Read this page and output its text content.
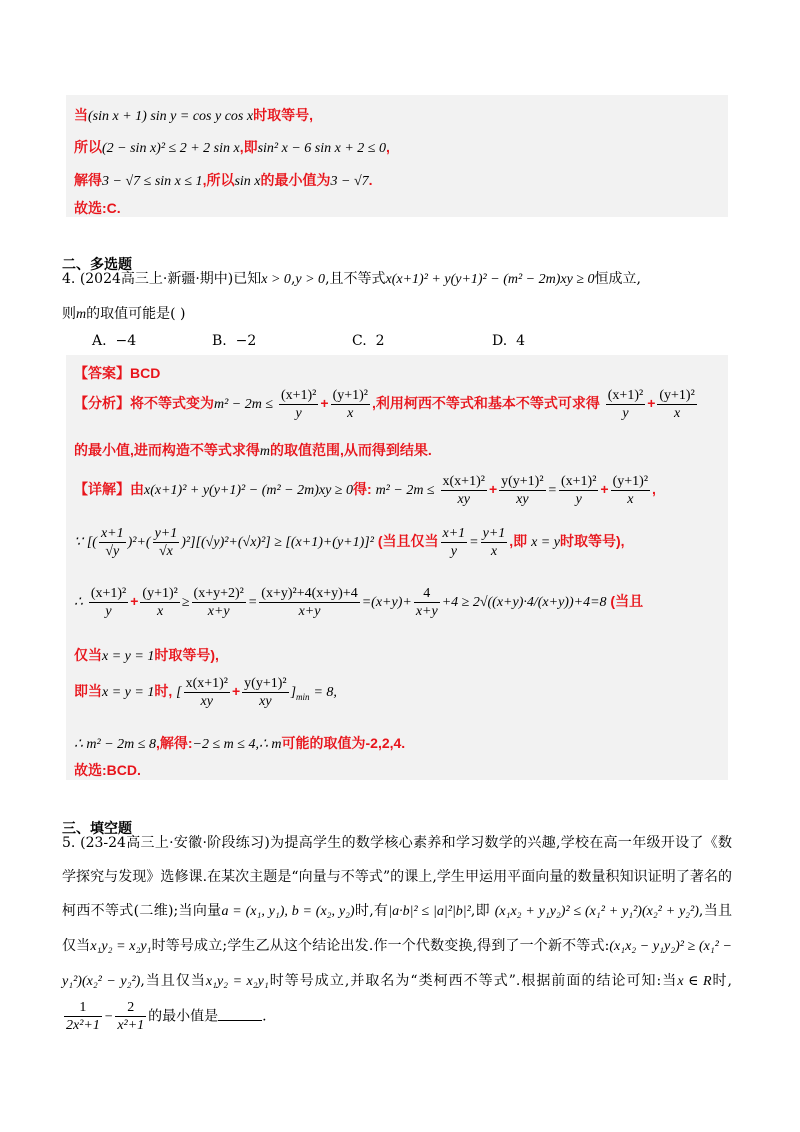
当(sin x + 1) sin y = cos y cos x时取等号,
所以(2 − sin x)² ≤ 2 + 2 sin x,即sin² x − 6 sin x + 2 ≤ 0,
解得3 − √7 ≤ sin x ≤ 1,所以sin x的最小值为3 − √7.
故选:C.
二、多选题
4. (2024高三上·新疆·期中)已知x > 0,y > 0,且不等式x(x+1)² + y(y+1)² − (m² − 2m)xy ≥ 0恒成立,
则m的取值可能是( )
A. −4	B. −2	C. 2	D. 4
【答案】BCD
【分析】将不等式变为$m^2 - 2m \le \frac{\text{(x+1)²}}{y} + \frac{\text{(y+1)²}}{x}$ ,利用柯西不等式和基本不等式可求得 $\frac{\text{(x+1)²}}{y} + \frac{\text{(y+1)²}}{x}$
的最小值,进而构造不等式求得m的取值范围,从而得到结果.
【详解】由x(x+1)² + y(y+1)² − (m² − 2m)xy ≥ 0得: $m^2 - 2m \le \frac{\text{x(x+1)²}}{xy} + \frac{\text{y(y+1)²}}{xy} = \frac{\text{(x+1)²}}{y} + \frac{\text{(y+1)²}}{x}$ ,
∵ [( $\frac{x+1}{√y} )^2+( \frac{y+1}{√x} )^2][(√y)^2+(√x)^2] \ge [(x+1)+(y+1)]^2$ (当且仅当 $\frac{x+1}{y} = \frac{y+1}{x}$ ,即 x = y时取等号),
∴ $\frac{\text{(x+1)²}}{y} + \frac{\text{(y+1)²}}{x} \ge \frac{\text{(x+y+2)²}}{x+y} = \frac{\text{(x+y)²+4(x+y)+4}}{x+y} =(x+y)+ \frac{4}{x+y} +4 \ge 2√((x+y)\cdot 4/(x+y))+4=8$ (当且
仅当x = y = 1时取等号),
即当x = y = 1时, [ $\frac{\text{x(x+1)²}}{xy} + \frac{\text{y(y+1)²}}{xy} ]_{min} = 8$,
∴ m² − 2m ≤ 8,解得:−2 ≤ m ≤ 4,∴ m可能的取值为-2,2,4.
故选:BCD.
三、填空题
5. (23-24高三上·安徽·阶段练习)为提高学生的数学核心素养和学习数学的兴趣,学校在高一年级开设了《数学探究与发现》选修课.在某次主题是“向量与不等式”的课上,学生甲运用平面向量的数量积知识证明了著名的柯西不等式(二维);当向量a = (x₁, y₁), b = (x₂, y₂)时,有|a·b|² ≤ |a|²|b|²,即 (x₁x₂ + y₁y₂)² ≤ (x₁² + y₁²)(x₂² + y₂²),当且仅当x₁y₂ = x₂y₁时等号成立;学生乙从这个结论出发.作一个代数变换,得到了一个新不等式:(x₁x₂ − y₁y₂)² ≥ (x₁² − y₁²)(x₂² − y₂²),当且仅当x₁y₂ = x₂y₁时等号成立,并取名为“类柯西不等式”.根据前面的结论可知:当x ∈ R时,
$\frac{1}{\text{2x²+1}} - \frac{2}{\text{x²+1}}$ 的最小值是	.
